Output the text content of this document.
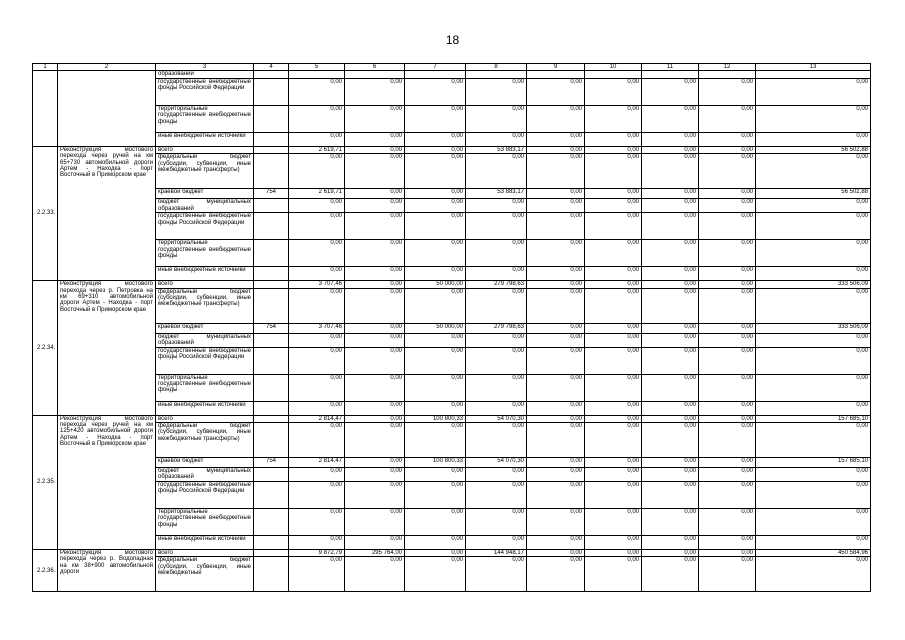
18
1	2	3	4	5	6	7	8	9	10	11	12	13
		образований										
		государственные внебюджетные фонды Российской Федерации		0,00	0,00	0,00	0,00	0,00	0,00	0,00	0,00	0,00
		территориальные государственные внебюджетные фонды		0,00	0,00	0,00	0,00	0,00	0,00	0,00	0,00	0,00
		иные внебюджетные источники		0,00	0,00	0,00	0,00	0,00	0,00	0,00	0,00	0,00
2.2.33.	Реконструкция мостового перехода через ручей на км 65+730 автомобильной дороги Артем - Находка - порт Восточный в Приморском крае	всего		2 619,71	0,00	0,00	53 883,17	0,00	0,00	0,00	0,00	56 502,88
		федеральный бюджет (субсидии, субвенции, иные межбюджетные трансферты)		0,00	0,00	0,00	0,00	0,00	0,00	0,00	0,00	0,00
		краевой бюджет	754	2 619,71	0,00	0,00	53 883,17	0,00	0,00	0,00	0,00	56 502,88
		бюджет муниципальных образований		0,00	0,00	0,00	0,00	0,00	0,00	0,00	0,00	0,00
		государственные внебюджетные фонды Российской Федерации		0,00	0,00	0,00	0,00	0,00	0,00	0,00	0,00	0,00
		территориальные государственные внебюджетные фонды		0,00	0,00	0,00	0,00	0,00	0,00	0,00	0,00	0,00
		иные внебюджетные источники		0,00	0,00	0,00	0,00	0,00	0,00	0,00	0,00	0,00
2.2.34.	Реконструкция мостового перехода через р. Петровка на км 69+310 автомобильной дороги Артем - Находка - порт Восточный в Приморском крае	всего		3 707,46	0,00	50 000,00	279 798,63	0,00	0,00	0,00	0,00	333 506,09
		федеральный бюджет (субсидии, субвенции, иные межбюджетные трансферты)		0,00	0,00	0,00	0,00	0,00	0,00	0,00	0,00	0,00
		краевой бюджет	754	3 707,46	0,00	50 000,00	279 798,63	0,00	0,00	0,00	0,00	333 506,09
		бюджет муниципальных образований		0,00	0,00	0,00	0,00	0,00	0,00	0,00	0,00	0,00
		государственные внебюджетные фонды Российской Федерации		0,00	0,00	0,00	0,00	0,00	0,00	0,00	0,00	0,00
		территориальные государственные внебюджетные фонды		0,00	0,00	0,00	0,00	0,00	0,00	0,00	0,00	0,00
		иные внебюджетные источники		0,00	0,00	0,00	0,00	0,00	0,00	0,00	0,00	0,00
2.2.35.	Реконструкция мостового перехода через ручей на км 125+420 автомобильной дороги Артем - Находка - порт Восточный в Приморском крае	всего		2 814,47	0,00	100 800,33	54 070,30	0,00	0,00	0,00	0,00	157 685,10
		федеральный бюджет (субсидии, субвенции, иные межбюджетные трансферты)		0,00	0,00	0,00	0,00	0,00	0,00	0,00	0,00	0,00
		краевой бюджет	754	2 814,47	0,00	100 800,33	54 070,30	0,00	0,00	0,00	0,00	157 685,10
		бюджет муниципальных образований		0,00	0,00	0,00	0,00	0,00	0,00	0,00	0,00	0,00
		государственные внебюджетные фонды Российской Федерации		0,00	0,00	0,00	0,00	0,00	0,00	0,00	0,00	0,00
		территориальные государственные внебюджетные фонды		0,00	0,00	0,00	0,00	0,00	0,00	0,00	0,00	0,00
		иные внебюджетные источники		0,00	0,00	0,00	0,00	0,00	0,00	0,00	0,00	0,00
2.2.36.	Реконструкция мостового перехода через р. Водопадная на км 38+900 автомобильной дороги	всего		9 872,79	295 764,00	0,00	144 948,17	0,00	0,00	0,00	0,00	450 584,96
		федеральный бюджет (субсидии, субвенции, иные межбюджетные		0,00	0,00	0,00	0,00	0,00	0,00	0,00	0,00	0,00
